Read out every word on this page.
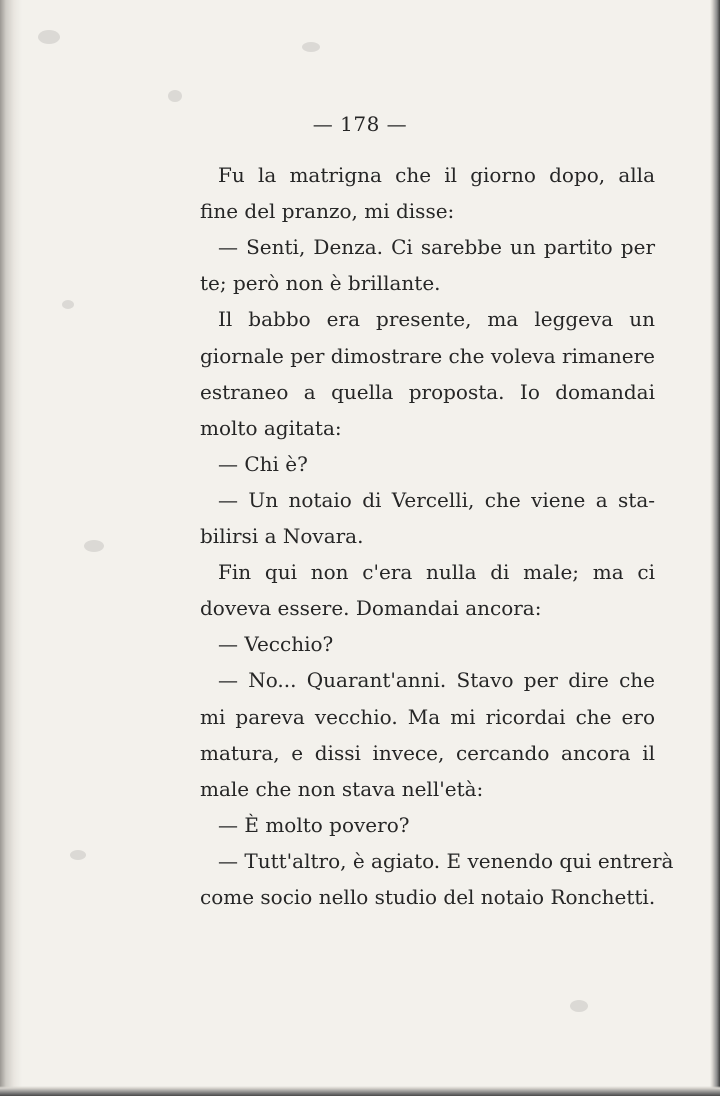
— 178 —
Fu la matrigna che il giorno dopo, alla
fine del pranzo, mi disse:
— Senti, Denza. Ci sarebbe un partito per
te; però non è brillante.
Il babbo era presente, ma leggeva un
giornale per dimostrare che voleva rimanere
estraneo a quella proposta. Io domandai
molto agitata:
— Chi è?
— Un notaio di Vercelli, che viene a sta-
bilirsi a Novara.
Fin qui non c'era nulla di male; ma ci
doveva essere. Domandai ancora:
— Vecchio?
— No... Quarant'anni. Stavo per dire che
mi pareva vecchio. Ma mi ricordai che ero
matura, e dissi invece, cercando ancora il
male che non stava nell'età:
— È molto povero?
— Tutt'altro, è agiato. E venendo qui entrerà
come socio nello studio del notaio Ronchetti.
